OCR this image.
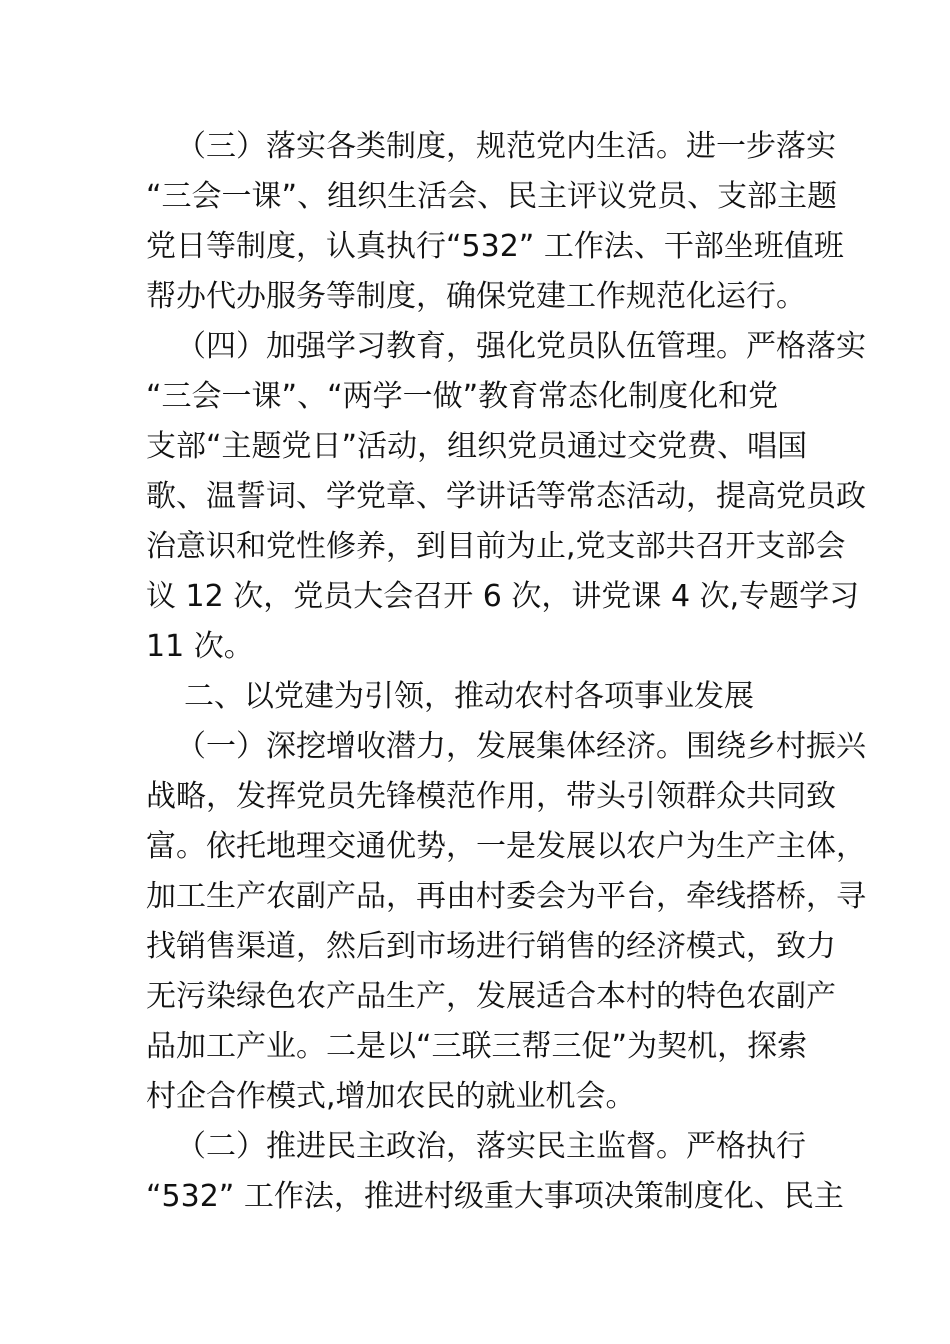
（三）落实各类制度，规范党内生活。进一步落实
“三会一课”、组织生活会、民主评议党员、支部主题
党日等制度，认真执行“532” 工作法、干部坐班值班
帮办代办服务等制度，确保党建工作规范化运行。
（四）加强学习教育，强化党员队伍管理。严格落实
“三会一课”、“两学一做”教育常态化制度化和党
支部“主题党日”活动，组织党员通过交党费、唱国
歌、温誓词、学党章、学讲话等常态活动，提高党员政
治意识和党性修养，到目前为止,党支部共召开支部会
议 12 次，党员大会召开 6 次，讲党课 4 次,专题学习
11 次。
二、以党建为引领，推动农村各项事业发展
（一）深挖增收潜力，发展集体经济。围绕乡村振兴
战略，发挥党员先锋模范作用，带头引领群众共同致
富。依托地理交通优势，一是发展以农户为生产主体，
加工生产农副产品，再由村委会为平台，牵线搭桥，寻
找销售渠道，然后到市场进行销售的经济模式，致力
无污染绿色农产品生产，发展适合本村的特色农副产
品加工产业。二是以“三联三帮三促”为契机，探索
村企合作模式,增加农民的就业机会。
（二）推进民主政治，落实民主监督。严格执行
“532” 工作法，推进村级重大事项决策制度化、民主
